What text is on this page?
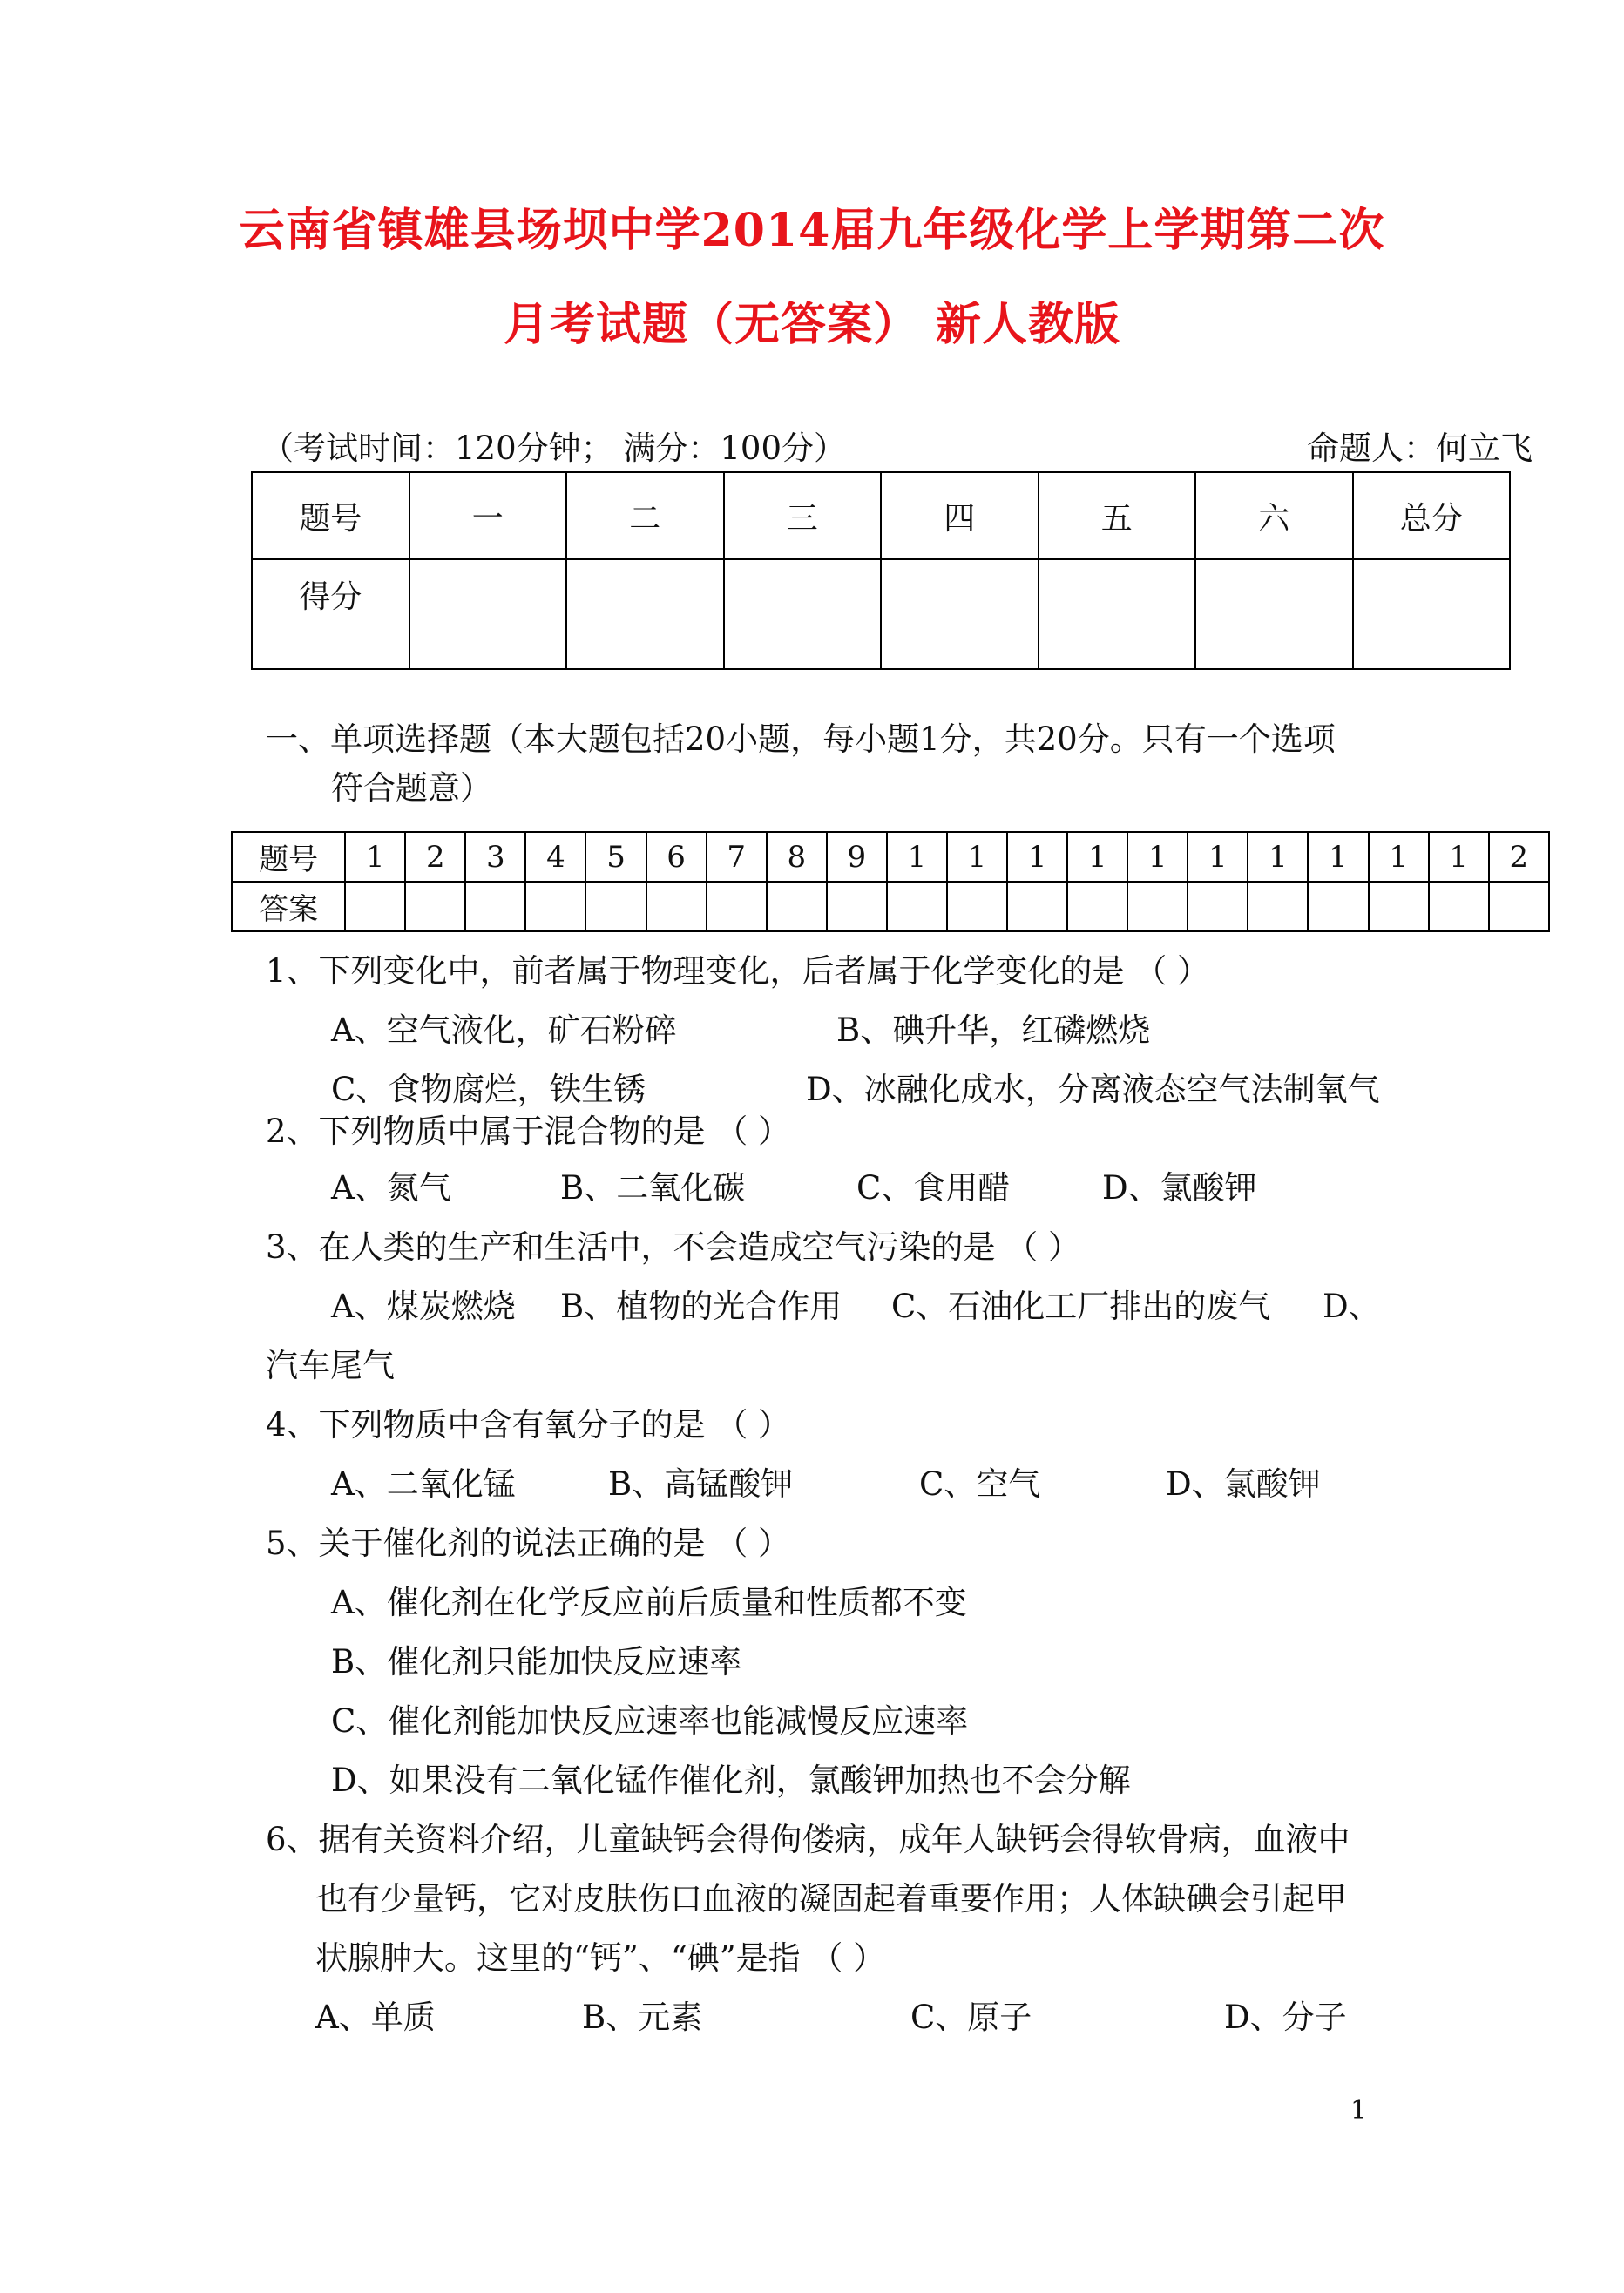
云南省镇雄县场坝中学2014届九年级化学上学期第二次
月考试题（无答案） 新人教版
（考试时间：120分钟； 满分：100分）	命题人：何立飞
题号	一	二	三	四	五	六	总分
得分							
一、单项选择题（本大题包括20小题，每小题1分，共20分。只有一个选项
符合题意）
题号	1	2	3	4	5	6	7	8	9	1	1	1	1	1	1	1	1	1	1	2
答案																				
1、下列变化中，前者属于物理变化，后者属于化学变化的是 （ ）
A、空气液化，矿石粉碎	B、碘升华，红磷燃烧
C、食物腐烂，铁生锈	D、冰融化成水，分离液态空气法制氧气
2、下列物质中属于混合物的是 （ ）
A、氮气	B、二氧化碳	C、食用醋	D、氯酸钾
3、在人类的生产和生活中，不会造成空气污染的是 （ ）
A、煤炭燃烧 B、植物的光合作用 C、石油化工厂排出的废气 D、
汽车尾气
4、下列物质中含有氧分子的是 （ ）
A、二氧化锰	B、高锰酸钾	C、空气	D、氯酸钾
5、关于催化剂的说法正确的是 （ ）
A、催化剂在化学反应前后质量和性质都不变
B、催化剂只能加快反应速率
C、催化剂能加快反应速率也能减慢反应速率
D、如果没有二氧化锰作催化剂，氯酸钾加热也不会分解
6、据有关资料介绍，儿童缺钙会得佝偻病，成年人缺钙会得软骨病，血液中
也有少量钙，它对皮肤伤口血液的凝固起着重要作用；人体缺碘会引起甲
状腺肿大。这里的“钙”、“碘”是指 （ ）
A、单质	B、元素	C、原子	D、分子
1
